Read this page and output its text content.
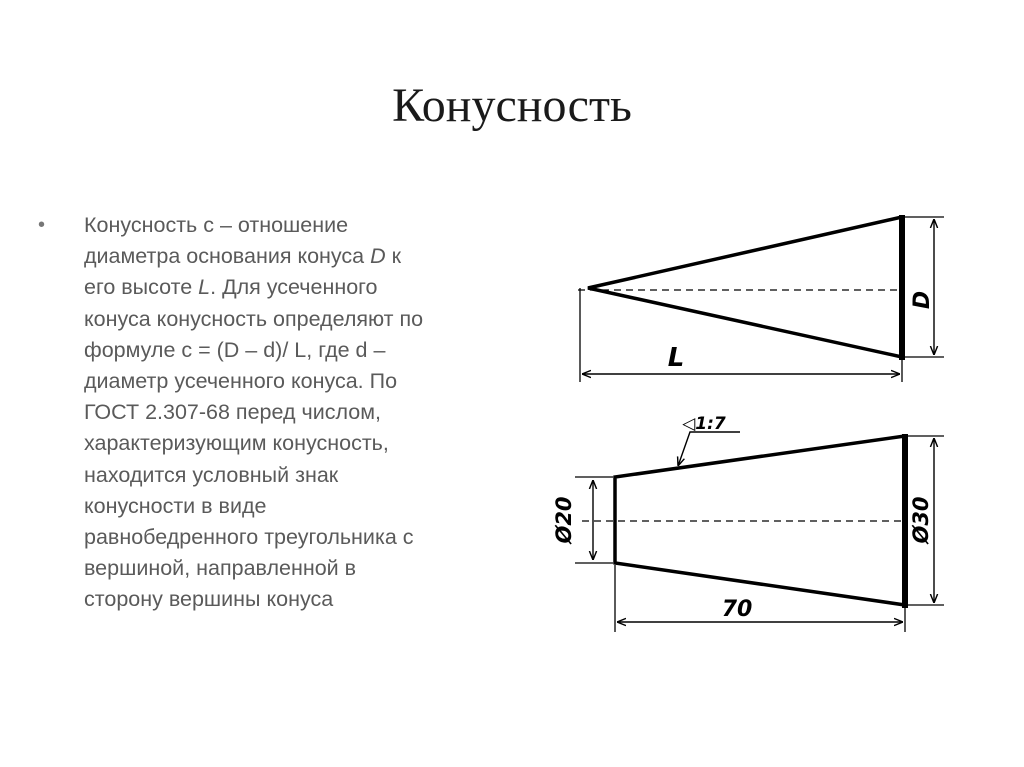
Конусность
• Конусность с – отношение
диаметра основания конуса D к
его высоте L. Для усеченного
конуса конусность определяют по
формуле с = (D – d)/ L, где d –
диаметр усеченного конуса. По
ГОСТ 2.307-68 перед числом,
характеризующим конусность,
находится условный знак
конусности в виде
равнобедренного треугольника с
вершиной, направленной в
сторону вершины конуса

L
D
◁1:7
Ø20	Ø30
70
